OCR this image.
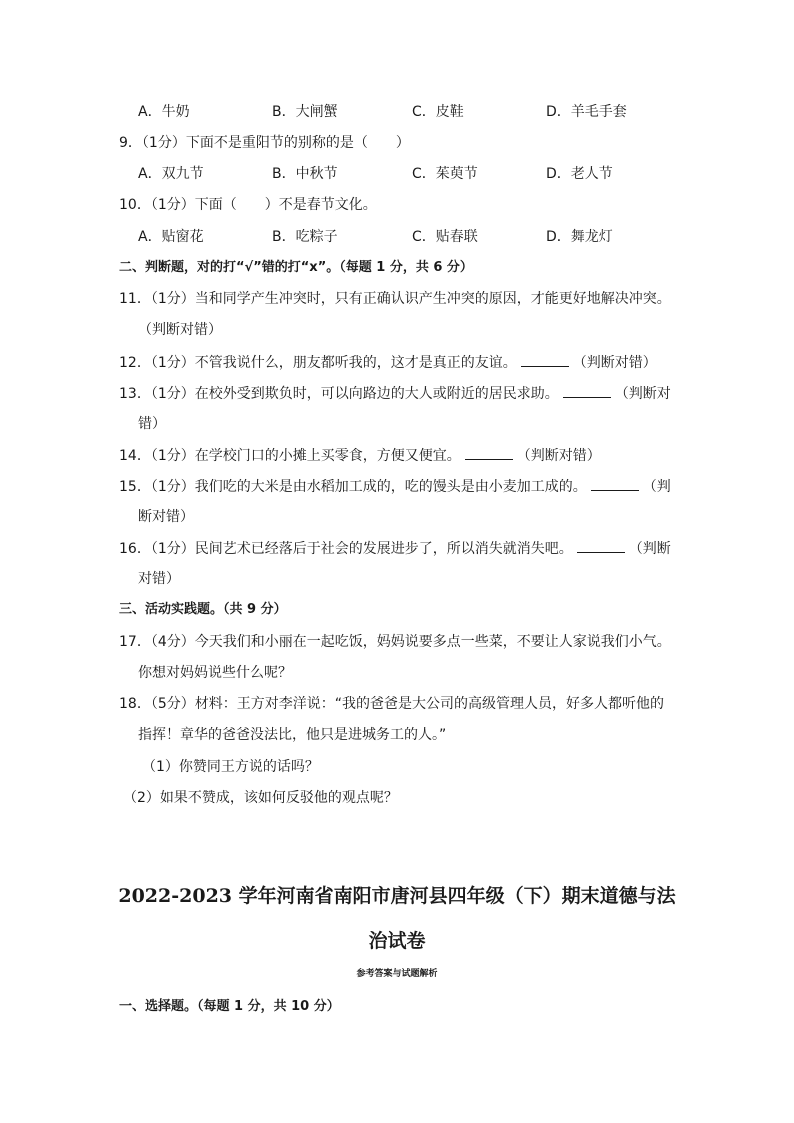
A．牛奶	B．大闸蟹	C．皮鞋	D．羊毛手套
9．（1分）下面不是重阳节的别称的是（　　）
A．双九节	B．中秋节	C．茱萸节	D．老人节
10．（1分）下面（　　）不是春节文化。
A．贴窗花	B．吃粽子	C．贴春联	D．舞龙灯
二、判断题，对的打“√”错的打“x”。（每题 1 分，共 6 分）
11．（1分）当和同学产生冲突时，只有正确认识产生冲突的原因，才能更好地解决冲突。
（判断对错）
12．（1分）不管我说什么，朋友都听我的，这才是真正的友谊。	（判断对错）
13．（1分）在校外受到欺负时，可以向路边的大人或附近的居民求助。	（判断对
错）
14．（1分）在学校门口的小摊上买零食，方便又便宜。	（判断对错）
15．（1分）我们吃的大米是由水稻加工成的，吃的馒头是由小麦加工成的。	（判
断对错）
16．（1分）民间艺术已经落后于社会的发展进步了，所以消失就消失吧。	（判断
对错）
三、活动实践题。（共 9 分）
17．（4分）今天我们和小丽在一起吃饭，妈妈说要多点一些菜，不要让人家说我们小气。
你想对妈妈说些什么呢？
18．（5分）材料：王方对李洋说：“我的爸爸是大公司的高级管理人员，好多人都听他的
指挥！章华的爸爸没法比，他只是进城务工的人。”
（1）你赞同王方说的话吗？
（2）如果不赞成，该如何反驳他的观点呢？
2022-2023 学年河南省南阳市唐河县四年级（下）期末道德与法
治试卷
参考答案与试题解析
一、选择题。（每题 1 分，共 10 分）
